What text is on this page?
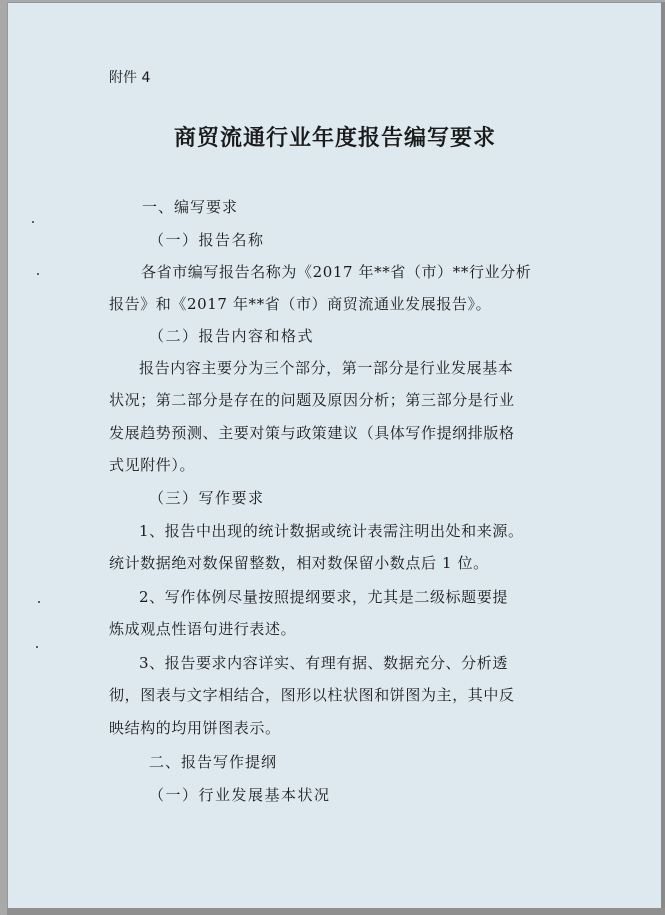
附件 4
商贸流通行业年度报告编写要求
一、编写要求
（一）报告名称
各省市编写报告名称为《2017 年**省（市）**行业分析
报告》和《2017 年**省（市）商贸流通业发展报告》。
（二）报告内容和格式
报告内容主要分为三个部分，第一部分是行业发展基本
状况；第二部分是存在的问题及原因分析；第三部分是行业
发展趋势预测、主要对策与政策建议（具体写作提纲排版格
式见附件）。
（三）写作要求
1、报告中出现的统计数据或统计表需注明出处和来源。
统计数据绝对数保留整数，相对数保留小数点后 1 位。
2、写作体例尽量按照提纲要求，尤其是二级标题要提
炼成观点性语句进行表述。
3、报告要求内容详实、有理有据、数据充分、分析透
彻，图表与文字相结合，图形以柱状图和饼图为主，其中反
映结构的均用饼图表示。
二、报告写作提纲
（一）行业发展基本状况
